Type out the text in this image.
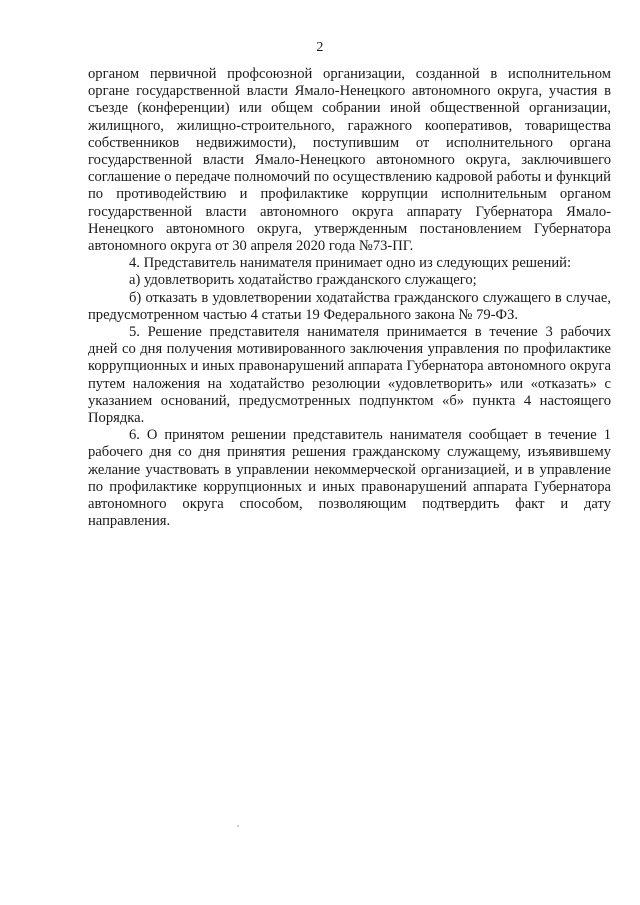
2

органом первичной профсоюзной организации, созданной в исполнительном органе государственной власти Ямало-Ненецкого автономного округа, участия в съезде (конференции) или общем собрании иной общественной организации, жилищного, жилищно-строительного, гаражного кооперативов, товарищества собственников недвижимости), поступившим от исполнительного органа государственной власти Ямало-Ненецкого автономного округа, заключившего соглашение о передаче полномочий по осуществлению кадровой работы и функций по противодействию и профилактике коррупции исполнительным органом государственной власти автономного округа аппарату Губернатора Ямало-Ненецкого автономного округа, утвержденным постановлением Губернатора автономного округа от 30 апреля 2020 года №73-ПГ.

4. Представитель нанимателя принимает одно из следующих решений:

а) удовлетворить ходатайство гражданского служащего;

б) отказать в удовлетворении ходатайства гражданского служащего в случае, предусмотренном частью 4 статьи 19 Федерального закона № 79-ФЗ.

5. Решение представителя нанимателя принимается в течение 3 рабочих дней со дня получения мотивированного заключения управления по профилактике коррупционных и иных правонарушений аппарата Губернатора автономного округа путем наложения на ходатайство резолюции «удовлетворить» или «отказать» с указанием оснований, предусмотренных подпунктом «б» пункта 4 настоящего Порядка.

6. О принятом решении представитель нанимателя сообщает в течение 1 рабочего дня со дня принятия решения гражданскому служащему, изъявившему желание участвовать в управлении некоммерческой организацией, и в управление по профилактике коррупционных и иных правонарушений аппарата Губернатора автономного округа способом, позволяющим подтвердить факт и дату направления.
